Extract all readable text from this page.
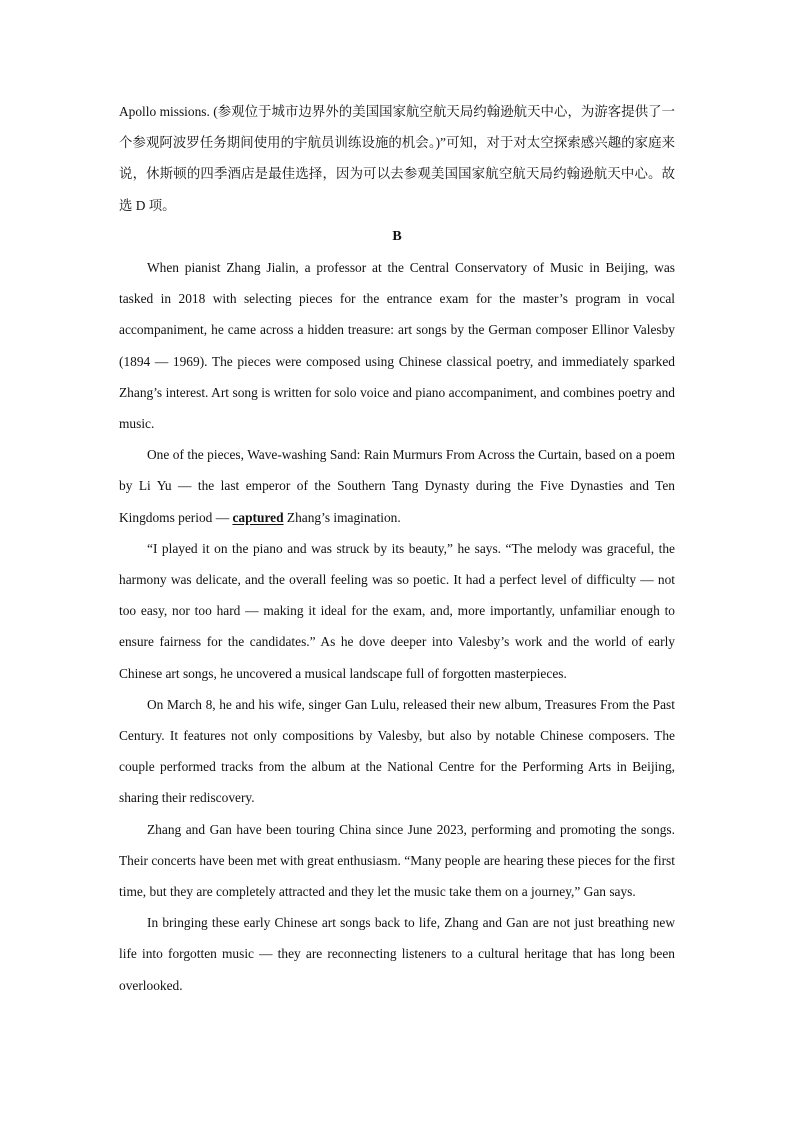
Apollo missions. (参观位于城市边界外的美国国家航空航天局约翰逊航天中心，为游客提供了一个参观阿波罗任务期间使用的宇航员训练设施的机会。)”可知，对于对太空探索感兴趣的家庭来说，休斯顿的四季酒店是最佳选择，因为可以去参观美国国家航空航天局约翰逊航天中心。故选 D 项。

B

When pianist Zhang Jialin, a professor at the Central Conservatory of Music in Beijing, was tasked in 2018 with selecting pieces for the entrance exam for the master’s program in vocal accompaniment, he came across a hidden treasure: art songs by the German composer Ellinor Valesby (1894 — 1969). The pieces were composed using Chinese classical poetry, and immediately sparked Zhang’s interest. Art song is written for solo voice and piano accompaniment, and combines poetry and music.

One of the pieces, Wave-washing Sand: Rain Murmurs From Across the Curtain, based on a poem by Li Yu — the last emperor of the Southern Tang Dynasty during the Five Dynasties and Ten Kingdoms period — captured Zhang’s imagination.

“I played it on the piano and was struck by its beauty,” he says. “The melody was graceful, the harmony was delicate, and the overall feeling was so poetic. It had a perfect level of difficulty — not too easy, nor too hard — making it ideal for the exam, and, more importantly, unfamiliar enough to ensure fairness for the candidates.” As he dove deeper into Valesby’s work and the world of early Chinese art songs, he uncovered a musical landscape full of forgotten masterpieces.

On March 8, he and his wife, singer Gan Lulu, released their new album, Treasures From the Past Century. It features not only compositions by Valesby, but also by notable Chinese composers. The couple performed tracks from the album at the National Centre for the Performing Arts in Beijing, sharing their rediscovery.

Zhang and Gan have been touring China since June 2023, performing and promoting the songs. Their concerts have been met with great enthusiasm. “Many people are hearing these pieces for the first time, but they are completely attracted and they let the music take them on a journey,” Gan says.

In bringing these early Chinese art songs back to life, Zhang and Gan are not just breathing new life into forgotten music — they are reconnecting listeners to a cultural heritage that has long been overlooked.
